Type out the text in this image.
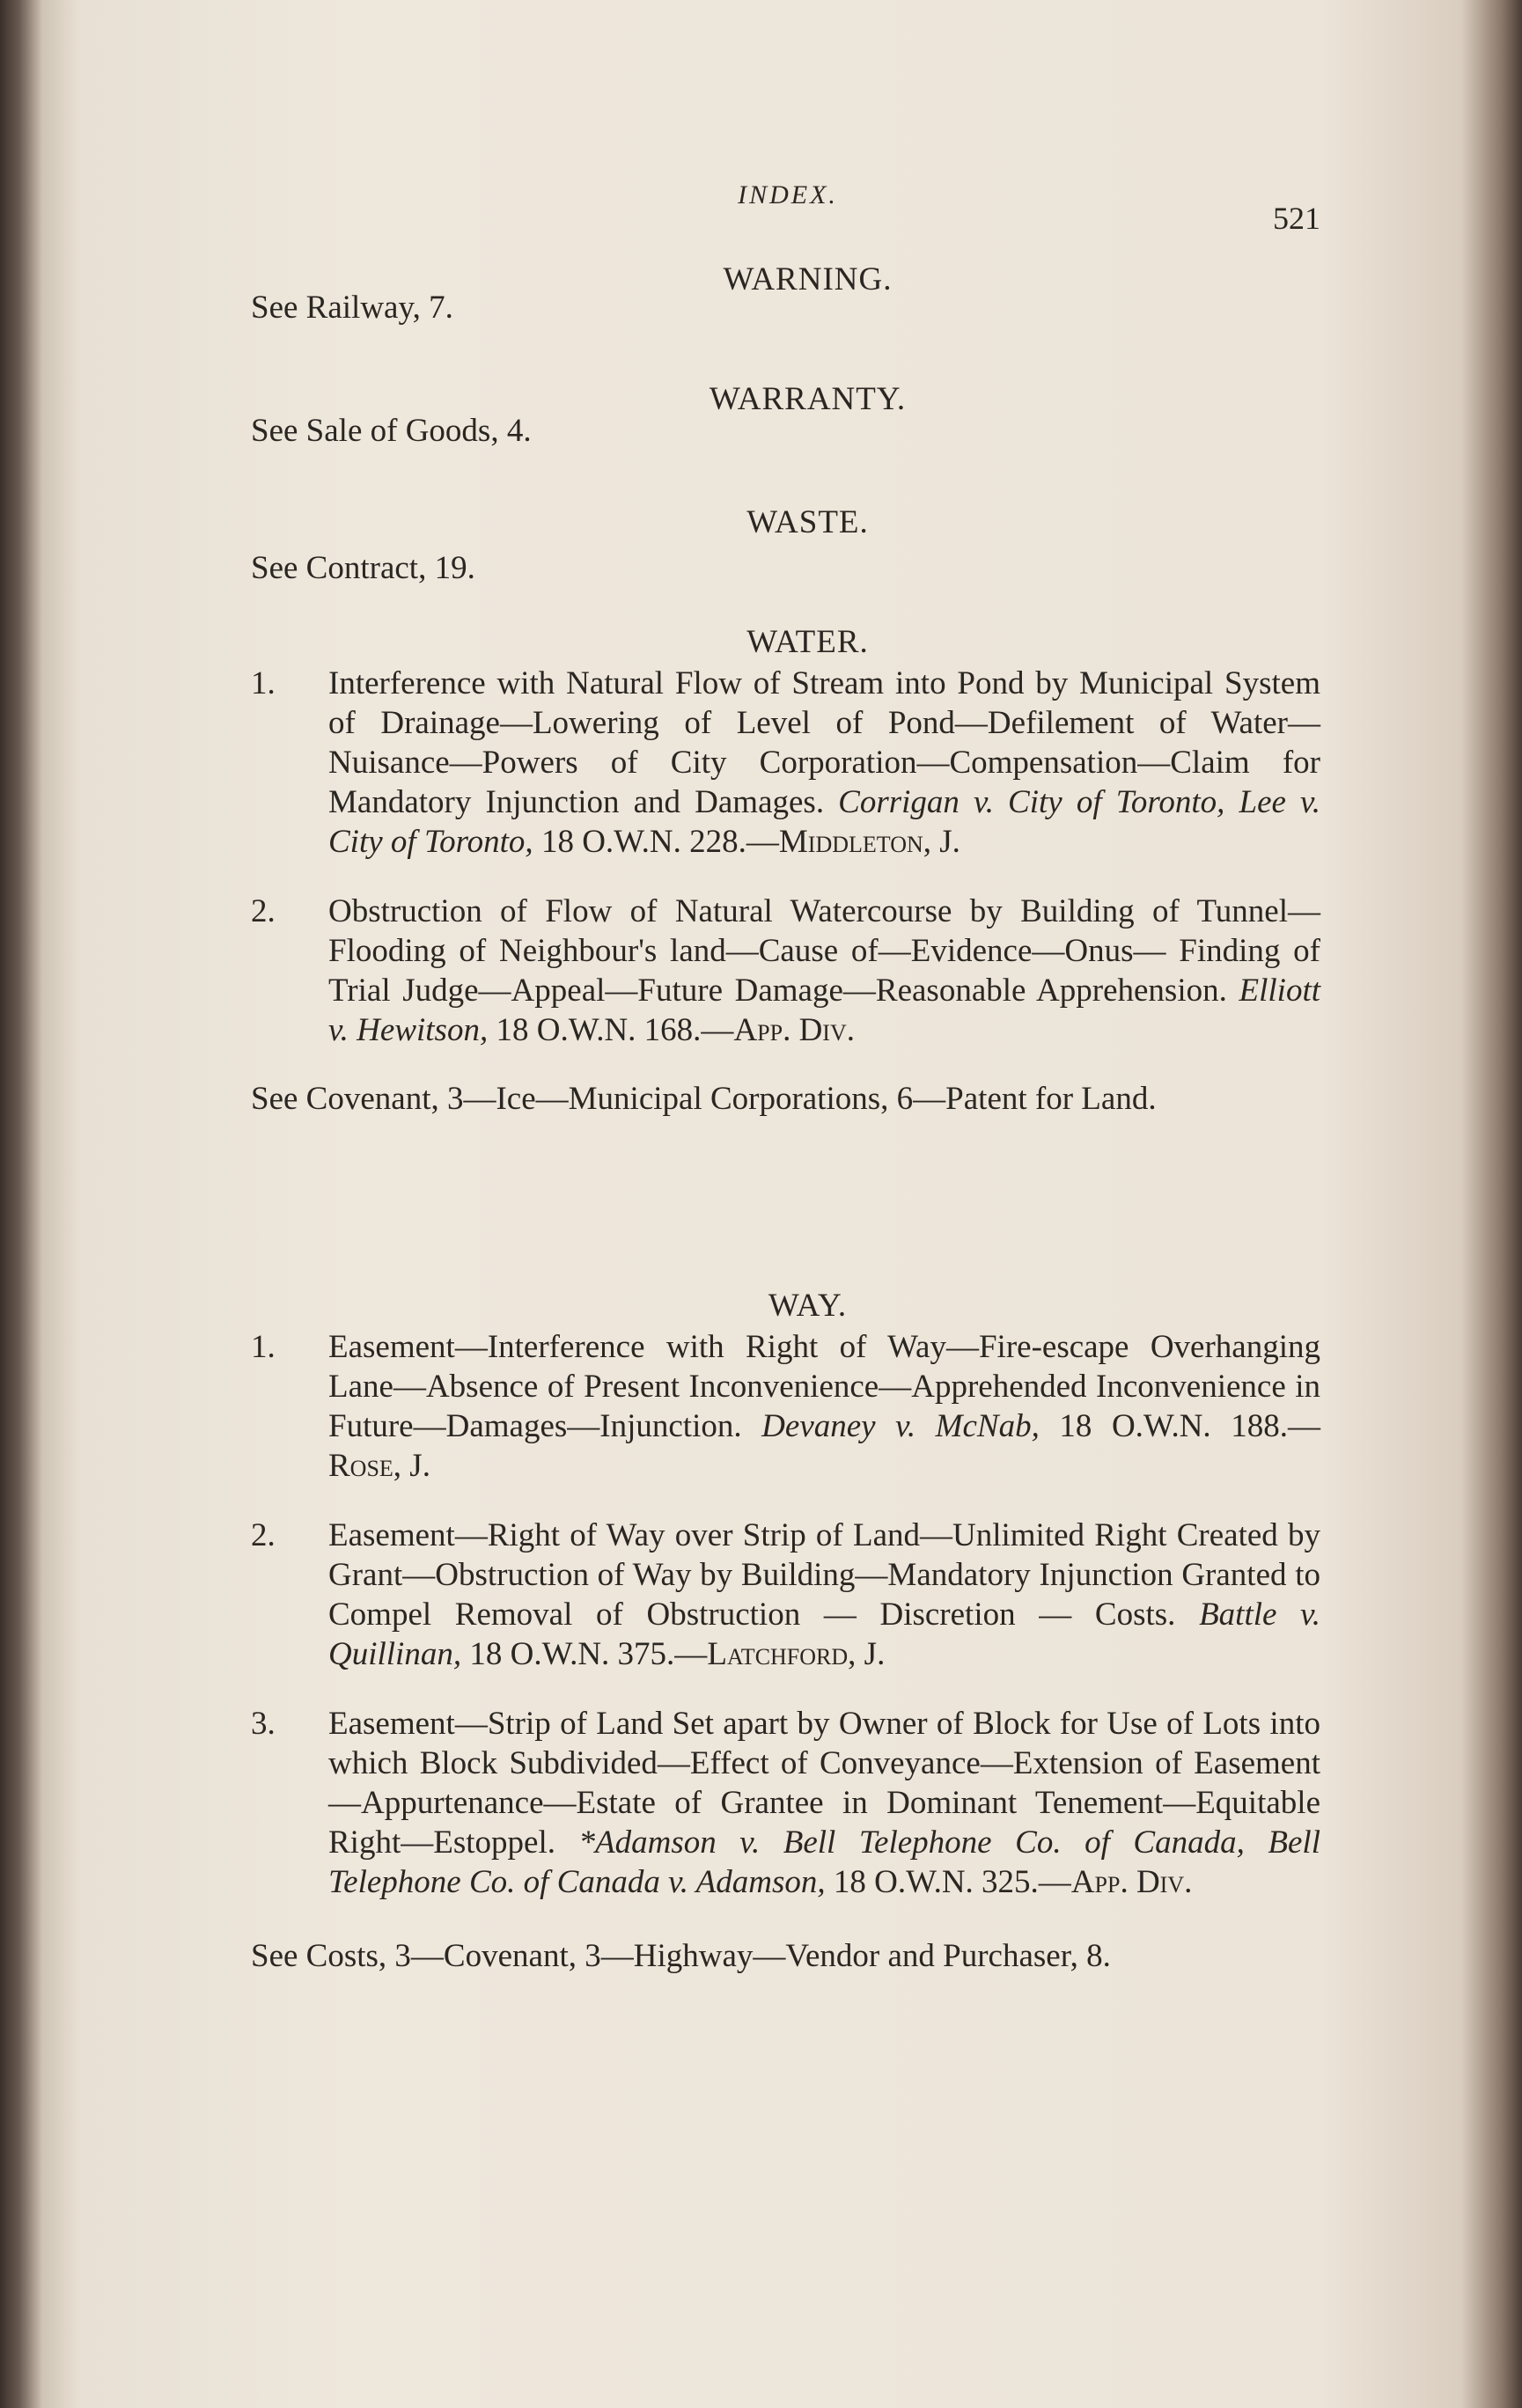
INDEX.
521
WARNING.
See Railway, 7.
WARRANTY.
See Sale of Goods, 4.
WASTE.
See Contract, 19.
WATER.
1. Interference with Natural Flow of Stream into Pond by Municipal System of Drainage—Lowering of Level of Pond—Defilement of Water—Nuisance—Powers of City Corporation—Compensation—Claim for Mandatory Injunction and Damages. Corrigan v. City of Toronto, Lee v. City of Toronto, 18 O.W.N. 228.—Middleton, J.
2. Obstruction of Flow of Natural Watercourse by Building of Tunnel—Flooding of Neighbour's land—Cause of—Evidence—Onus— Finding of Trial Judge—Appeal—Future Damage—Reasonable Apprehension. Elliott v. Hewitson, 18 O.W.N. 168.—App. Div.
See Covenant, 3—Ice—Municipal Corporations, 6—Patent for Land.
WAY.
1. Easement—Interference with Right of Way—Fire-escape Overhanging Lane—Absence of Present Inconvenience—Apprehended Inconvenience in Future—Damages—Injunction. Devaney v. McNab, 18 O.W.N. 188.—Rose, J.
2. Easement—Right of Way over Strip of Land—Unlimited Right Created by Grant—Obstruction of Way by Building—Mandatory Injunction Granted to Compel Removal of Obstruction — Discretion — Costs. Battle v. Quillinan, 18 O.W.N. 375.—Latchford, J.
3. Easement—Strip of Land Set apart by Owner of Block for Use of Lots into which Block Subdivided—Effect of Conveyance—Extension of Easement—Appurtenance—Estate of Grantee in Dominant Tenement—Equitable Right—Estoppel. *Adamson v. Bell Telephone Co. of Canada, Bell Telephone Co. of Canada v. Adamson, 18 O.W.N. 325.—App. Div.
See Costs, 3—Covenant, 3—Highway—Vendor and Purchaser, 8.
